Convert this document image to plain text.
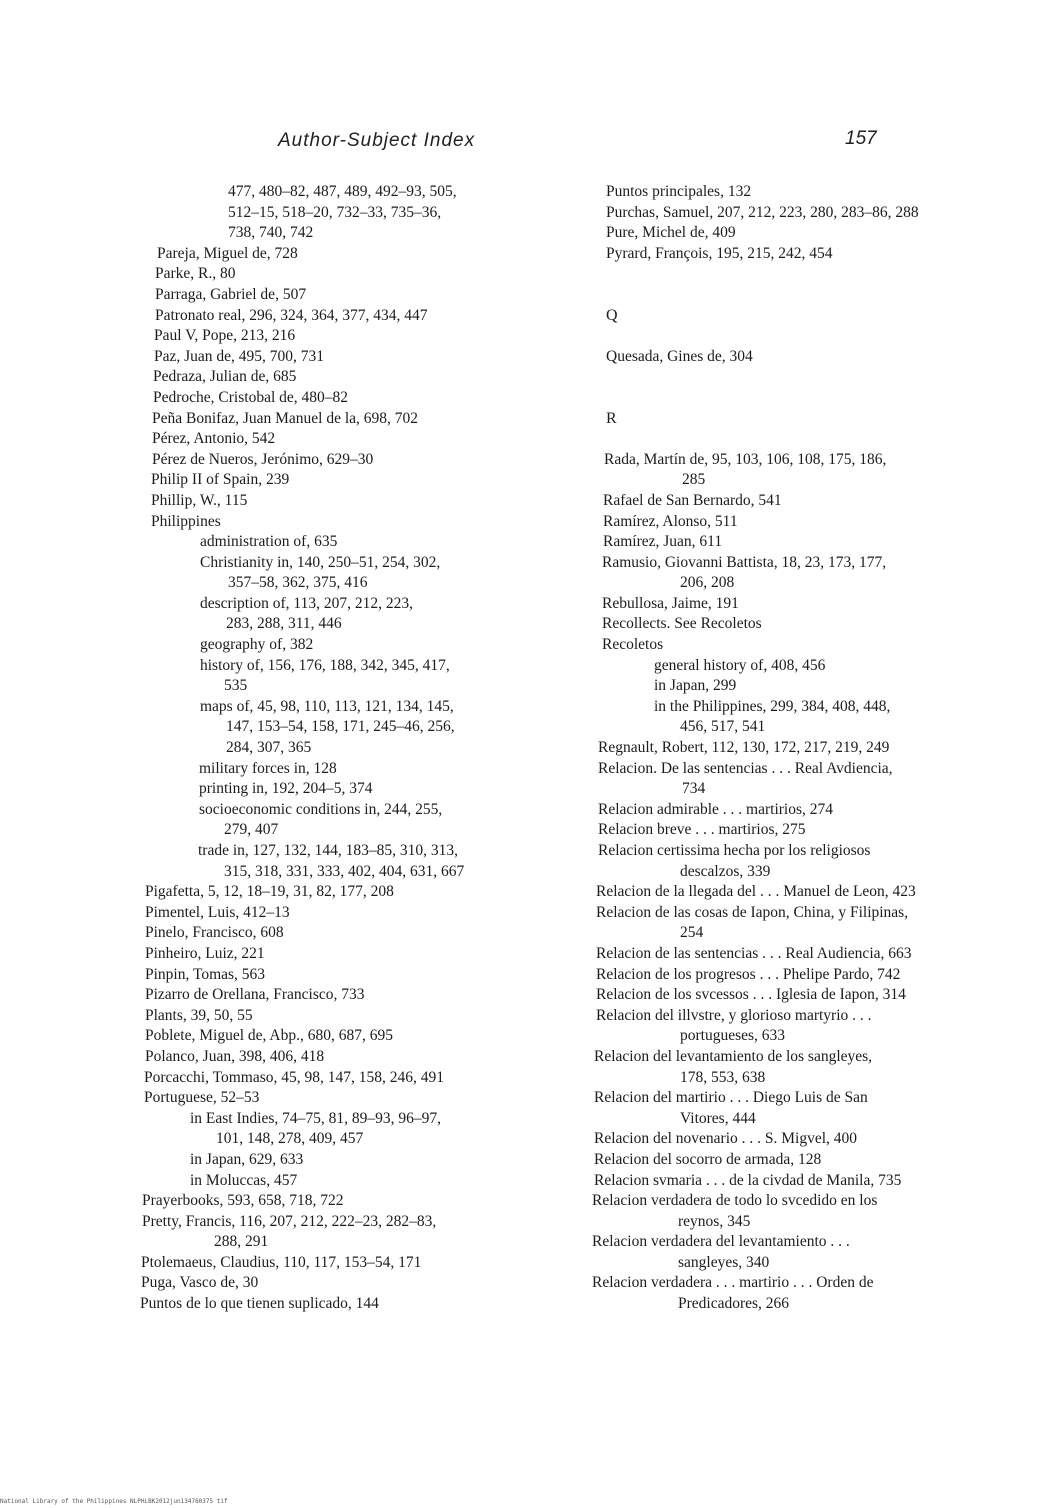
Author-Subject Index	157
477, 480–82, 487, 489, 492–93, 505,
512–15, 518–20, 732–33, 735–36,
738, 740, 742
Pareja, Miguel de, 728
Parke, R., 80
Parraga, Gabriel de, 507
Patronato real, 296, 324, 364, 377, 434, 447
Paul V, Pope, 213, 216
Paz, Juan de, 495, 700, 731
Pedraza, Julian de, 685
Pedroche, Cristobal de, 480–82
Peña Bonifaz, Juan Manuel de la, 698, 702
Pérez, Antonio, 542
Pérez de Nueros, Jerónimo, 629–30
Philip II of Spain, 239
Phillip, W., 115
Philippines
administration of, 635
Christianity in, 140, 250–51, 254, 302,
357–58, 362, 375, 416
description of, 113, 207, 212, 223,
283, 288, 311, 446
geography of, 382
history of, 156, 176, 188, 342, 345, 417,
535
maps of, 45, 98, 110, 113, 121, 134, 145,
147, 153–54, 158, 171, 245–46, 256,
284, 307, 365
military forces in, 128
printing in, 192, 204–5, 374
socioeconomic conditions in, 244, 255,
279, 407
trade in, 127, 132, 144, 183–85, 310, 313,
315, 318, 331, 333, 402, 404, 631, 667
Pigafetta, 5, 12, 18–19, 31, 82, 177, 208
Pimentel, Luis, 412–13
Pinelo, Francisco, 608
Pinheiro, Luiz, 221
Pinpin, Tomas, 563
Pizarro de Orellana, Francisco, 733
Plants, 39, 50, 55
Poblete, Miguel de, Abp., 680, 687, 695
Polanco, Juan, 398, 406, 418
Porcacchi, Tommaso, 45, 98, 147, 158, 246, 491
Portuguese, 52–53
in East Indies, 74–75, 81, 89–93, 96–97,
101, 148, 278, 409, 457
in Japan, 629, 633
in Moluccas, 457
Prayerbooks, 593, 658, 718, 722
Pretty, Francis, 116, 207, 212, 222–23, 282–83,
288, 291
Ptolemaeus, Claudius, 110, 117, 153–54, 171
Puga, Vasco de, 30
Puntos de lo que tienen suplicado, 144
Puntos principales, 132
Purchas, Samuel, 207, 212, 223, 280, 283–86, 288
Pure, Michel de, 409
Pyrard, François, 195, 215, 242, 454
Q
Quesada, Gines de, 304
R
Rada, Martín de, 95, 103, 106, 108, 175, 186,
285
Rafael de San Bernardo, 541
Ramírez, Alonso, 511
Ramírez, Juan, 611
Ramusio, Giovanni Battista, 18, 23, 173, 177,
206, 208
Rebullosa, Jaime, 191
Recollects. See Recoletos
Recoletos
general history of, 408, 456
in Japan, 299
in the Philippines, 299, 384, 408, 448,
456, 517, 541
Regnault, Robert, 112, 130, 172, 217, 219, 249
Relacion. De las sentencias . . . Real Avdiencia,
734
Relacion admirable . . . martirios, 274
Relacion breve . . . martirios, 275
Relacion certissima hecha por los religiosos
descalzos, 339
Relacion de la llegada del . . . Manuel de Leon, 423
Relacion de las cosas de Iapon, China, y Filipinas,
254
Relacion de las sentencias . . . Real Audiencia, 663
Relacion de los progresos . . . Phelipe Pardo, 742
Relacion de los svcessos . . . Iglesia de Iapon, 314
Relacion del illvstre, y glorioso martyrio . . .
portugueses, 633
Relacion del levantamiento de los sangleyes,
178, 553, 638
Relacion del martirio . . . Diego Luis de San
Vitores, 444
Relacion del novenario . . . S. Migvel, 400
Relacion del socorro de armada, 128
Relacion svmaria . . . de la civdad de Manila, 735
Relacion verdadera de todo lo svcedido en los
reynos, 345
Relacion verdadera del levantamiento . . .
sangleyes, 340
Relacion verdadera . . . martirio . . . Orden de
Predicadores, 266
National Library of the Philippines NLPHLBK2012jun134760375 tif
